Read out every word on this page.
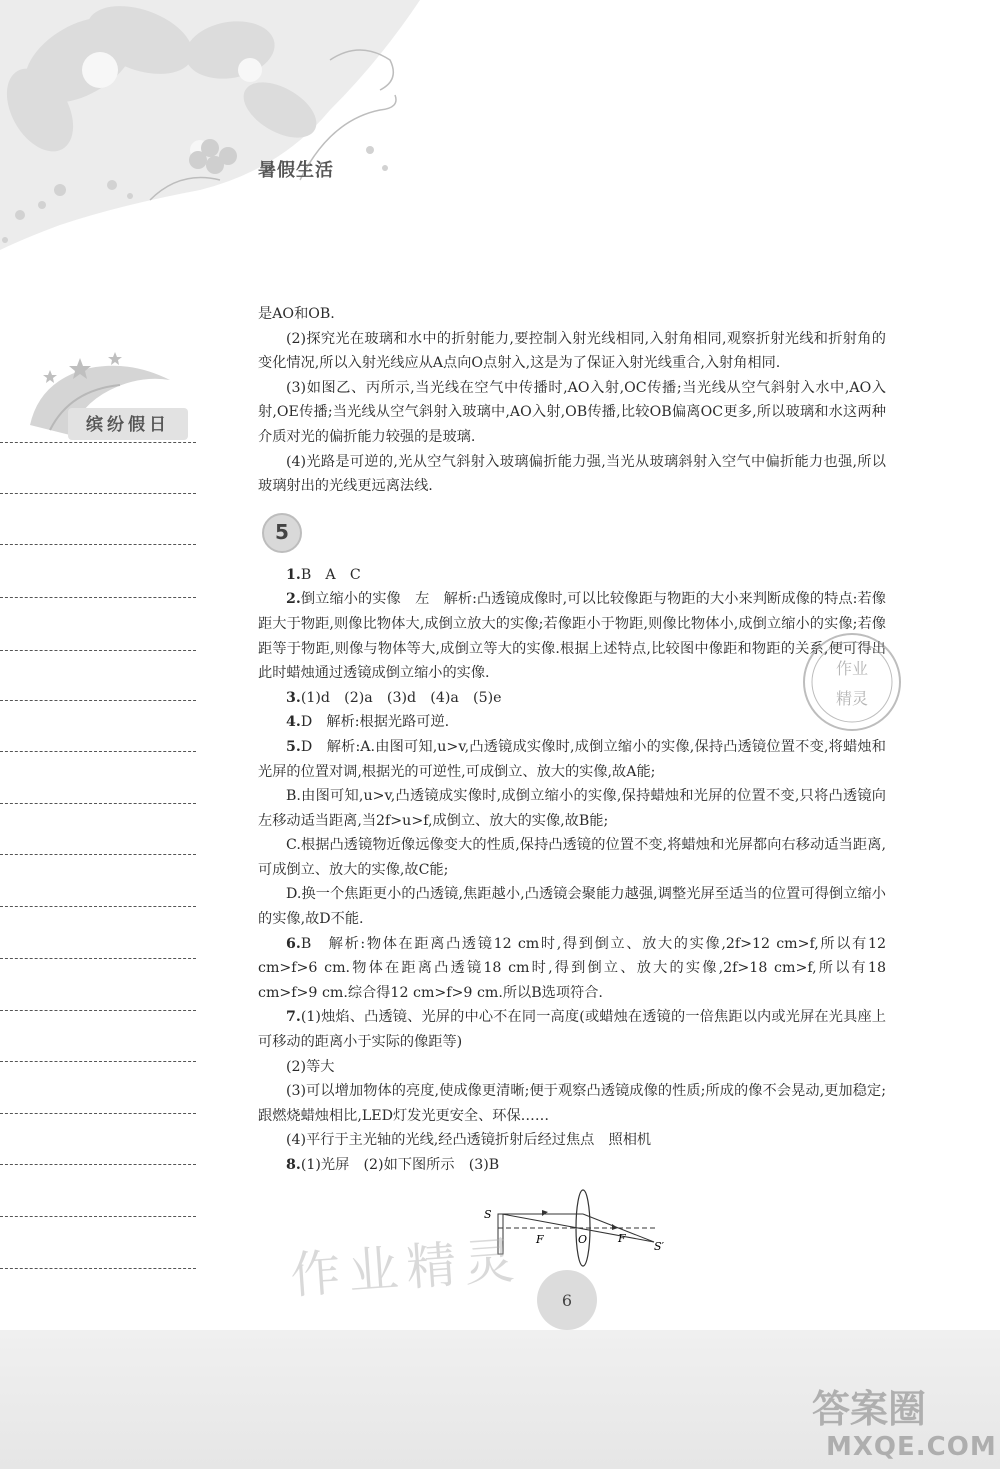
暑假生活
缤纷假日

是AO和OB.

(2)探究光在玻璃和水中的折射能力,要控制入射光线相同,入射角相同,观察折射光线和折射角的变化情况,所以入射光线应从A点向O点射入,这是为了保证入射光线重合,入射角相同.

(3)如图乙、丙所示,当光线在空气中传播时,AO入射,OC传播;当光线从空气斜射入水中,AO入射,OE传播;当光线从空气斜射入玻璃中,AO入射,OB传播,比较OB偏离OC更多,所以玻璃和水这两种介质对光的偏折能力较强的是玻璃.

(4)光路是可逆的,光从空气斜射入玻璃偏折能力强,当光从玻璃斜射入空气中偏折能力也强,所以玻璃射出的光线更远离法线.

5

1.B　A　C

2.倒立缩小的实像　左　解析:凸透镜成像时,可以比较像距与物距的大小来判断成像的特点:若像距大于物距,则像比物体大,成倒立放大的实像;若像距小于物距,则像比物体小,成倒立缩小的实像;若像距等于物距,则像与物体等大,成倒立等大的实像.根据上述特点,比较图中像距和物距的关系,便可得出此时蜡烛通过透镜成倒立缩小的实像.

3.(1)d　(2)a　(3)d　(4)a　(5)e

4.D　解析:根据光路可逆.

5.D　解析:A.由图可知,u>v,凸透镜成实像时,成倒立缩小的实像,保持凸透镜位置不变,将蜡烛和光屏的位置对调,根据光的可逆性,可成倒立、放大的实像,故A能;

B.由图可知,u>v,凸透镜成实像时,成倒立缩小的实像,保持蜡烛和光屏的位置不变,只将凸透镜向左移动适当距离,当2f>u>f,成倒立、放大的实像,故B能;

C.根据凸透镜物近像远像变大的性质,保持凸透镜的位置不变,将蜡烛和光屏都向右移动适当距离,可成倒立、放大的实像,故C能;

D.换一个焦距更小的凸透镜,焦距越小,凸透镜会聚能力越强,调整光屏至适当的位置可得倒立缩小的实像,故D不能.

6.B　解析:物体在距离凸透镜12 cm时,得到倒立、放大的实像,2f>12 cm>f,所以有12 cm>f>6 cm.物体在距离凸透镜18 cm时,得到倒立、放大的实像,2f>18 cm>f,所以有18 cm>f>9 cm.综合得12 cm>f>9 cm.所以B选项符合.

7.(1)烛焰、凸透镜、光屏的中心不在同一高度(或蜡烛在透镜的一倍焦距以内或光屏在光具座上可移动的距离小于实际的像距等)

(2)等大

(3)可以增加物体的亮度,使成像更清晰;便于观察凸透镜成像的性质;所成的像不会晃动,更加稳定;跟燃烧蜡烛相比,LED灯发光更安全、环保……

(4)平行于主光轴的光线,经凸透镜折射后经过焦点　照相机

8.(1)光屏　(2)如下图所示　(3)B

S
F	O	F
S′
作业
精灵
作业精灵	6
答案圈
MXQE.COM
